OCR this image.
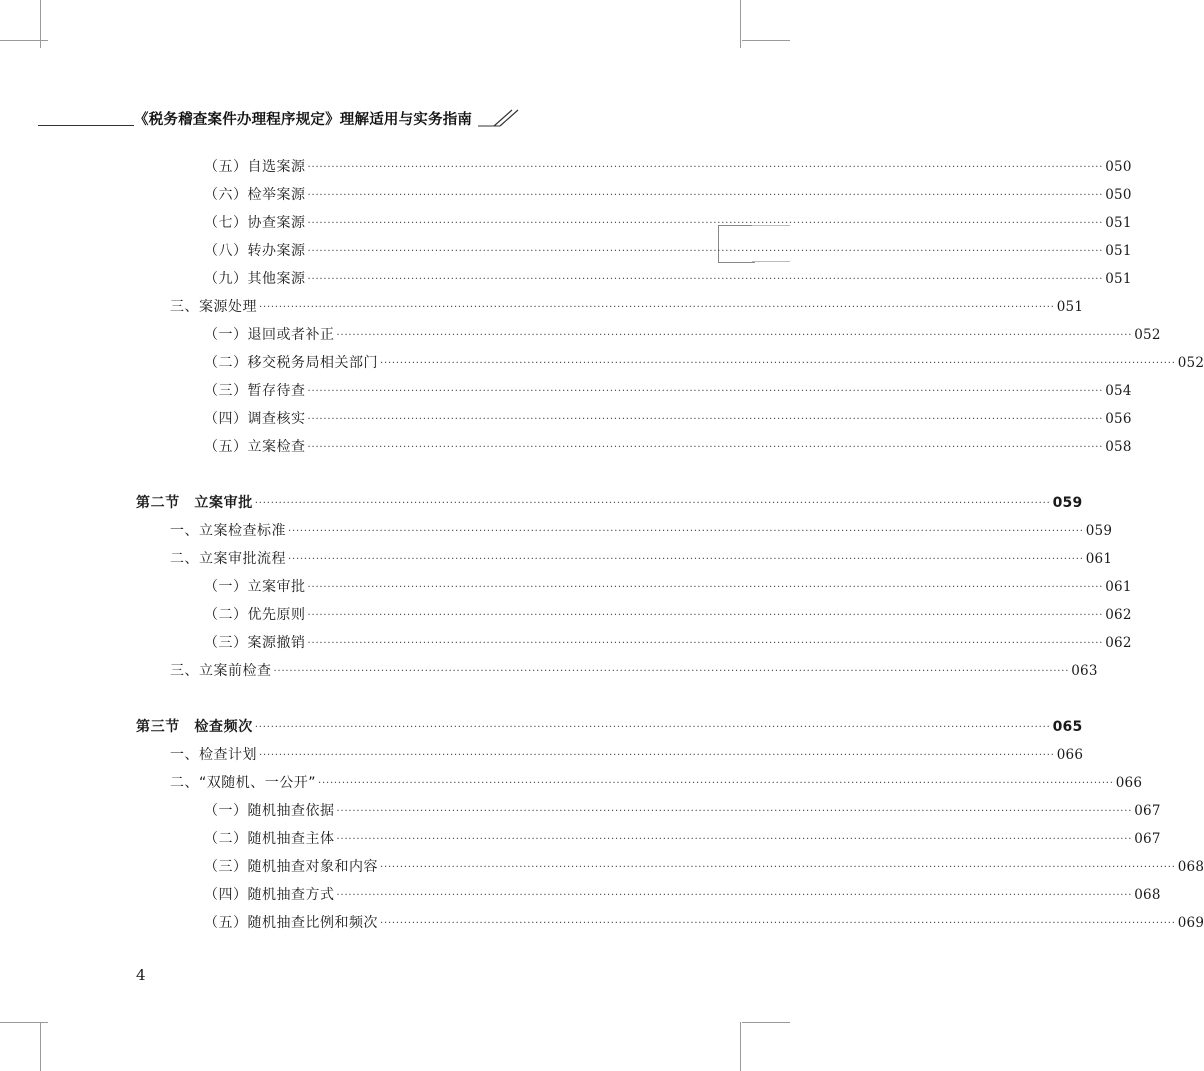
《税务稽查案件办理程序规定》理解适用与实务指南
（五）自选案源 ········································································································································································································ 050
（六）检举案源 ········································································································································································································ 050
（七）协查案源 ········································································································································································································ 051
（八）转办案源 ········································································································································································································ 051
（九）其他案源 ········································································································································································································ 051
三、案源处理 ········································································································································································································ 051
（一）退回或者补正 ········································································································································································································ 052
（二）移交税务局相关部门 ········································································································································································································ 052
（三）暂存待查 ········································································································································································································ 054
（四）调查核实 ········································································································································································································ 056
（五）立案检查 ········································································································································································································ 058
第二节　立案审批 ········································································································································································································ 059
一、立案检查标准 ········································································································································································································ 059
二、立案审批流程 ········································································································································································································ 061
（一）立案审批 ········································································································································································································ 061
（二）优先原则 ········································································································································································································ 062
（三）案源撤销 ········································································································································································································ 062
三、立案前检查 ········································································································································································································ 063
第三节　检查频次 ········································································································································································································ 065
一、检查计划 ········································································································································································································ 066
二、“双随机、一公开” ········································································································································································································ 066
（一）随机抽查依据 ········································································································································································································ 067
（二）随机抽查主体 ········································································································································································································ 067
（三）随机抽查对象和内容 ········································································································································································································ 068
（四）随机抽查方式 ········································································································································································································ 068
（五）随机抽查比例和频次 ········································································································································································································ 069
4
